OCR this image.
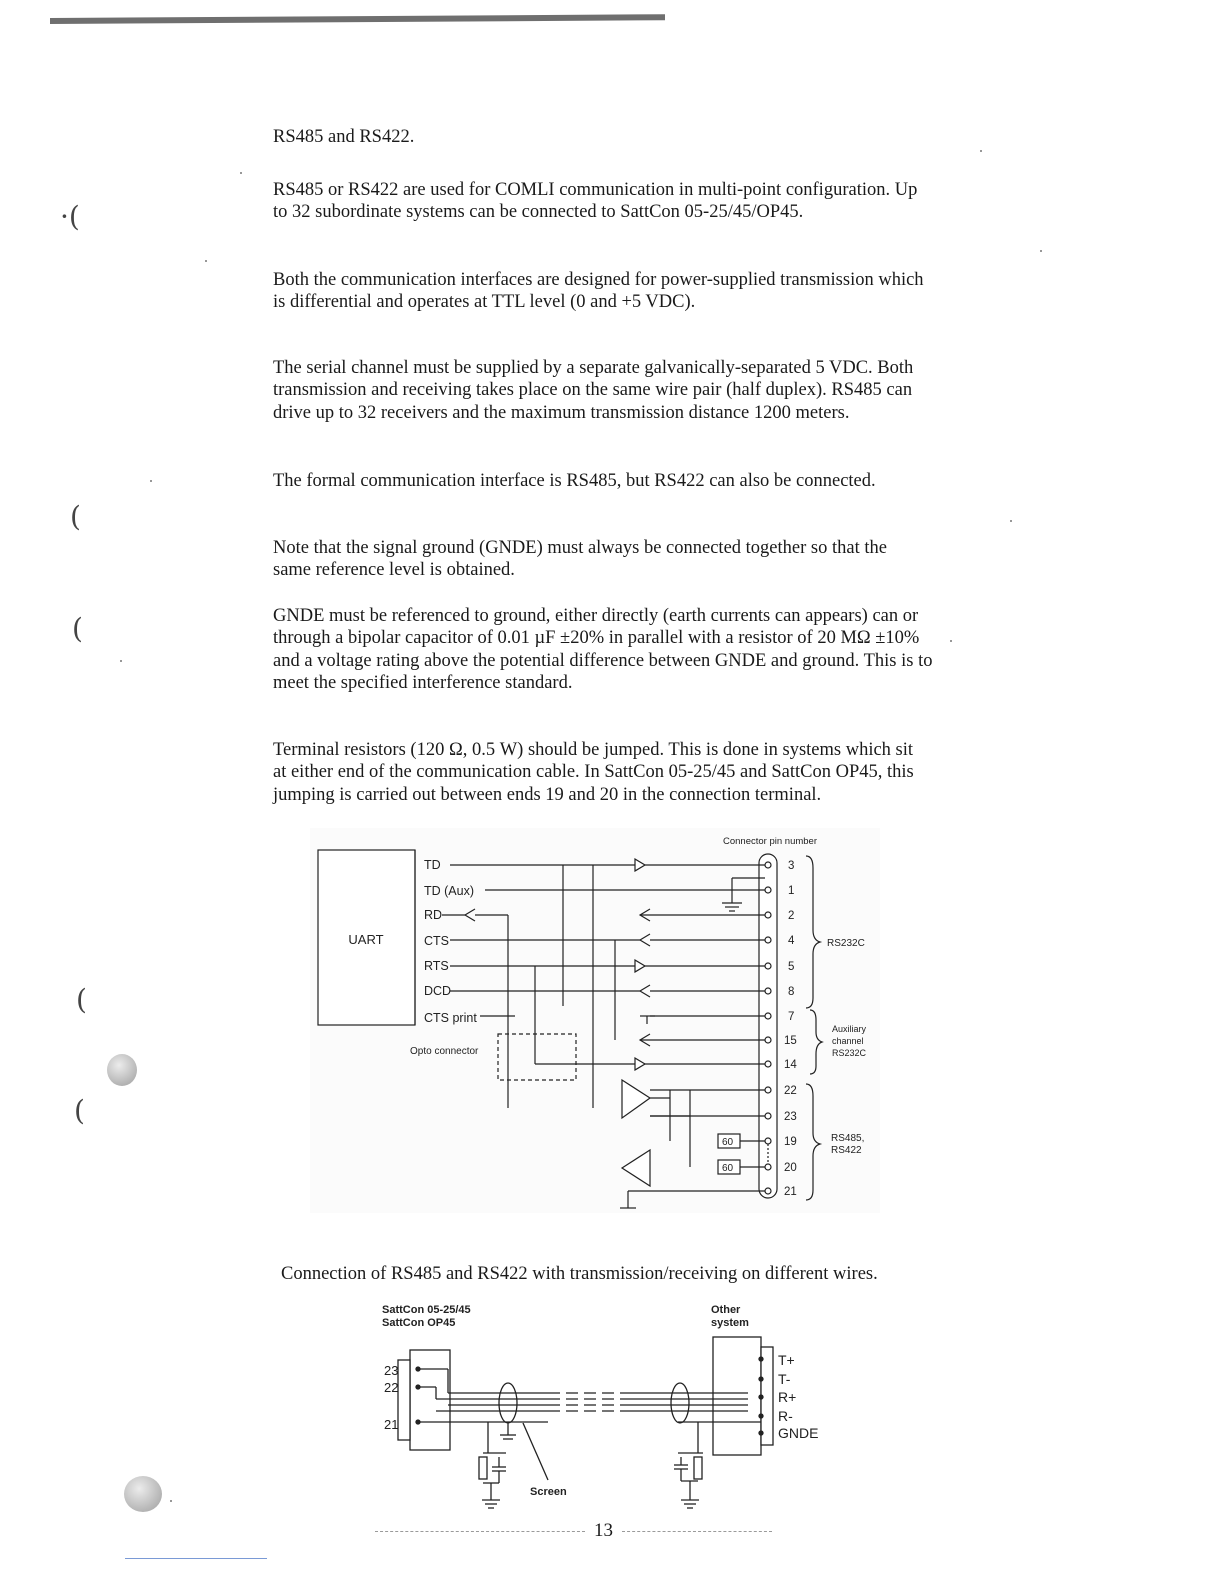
RS485 and RS422.

RS485 or RS422 are used for COMLI communication in multi-point configuration. Up to 32 subordinate systems can be connected to SattCon 05-25/45/OP45.

Both the communication interfaces are designed for power-supplied transmission which is differential and operates at TTL level (0 and +5 VDC).

The serial channel must be supplied by a separate galvanically-separated 5 VDC. Both transmission and receiving takes place on the same wire pair (half duplex). RS485 can drive up to 32 receivers and the maximum transmission distance 1200 meters.

The formal communication interface is RS485, but RS422 can also be connected.

Note that the signal ground (GNDE) must always be connected together so that the same reference level is obtained.

GNDE must be referenced to ground, either directly (earth currents can appears) can or through a bipolar capacitor of 0.01 µF ±20% in parallel with a resistor of 20 MΩ ±10% and a voltage rating above the potential difference between GNDE and ground. This is to meet the specified interference standard.

Terminal resistors (120 Ω, 0.5 W) should be jumped. This is done in systems which sit at either end of the communication cable. In SattCon 05-25/45 and SattCon OP45, this jumping is carried out between ends 19 and 20 in the connection terminal.

UART
TD
TD (Aux)
RD
CTS
RTS
DCD
CTS print
Connector pin number
Opto connector
60
60
3
1
2
4
5
8
7
15
14
22
23
19
20
21
RS232C
Auxiliary
channel
RS232C
RS485,
RS422

Connection of RS485 and RS422 with transmission/receiving on different wires.

SattCon 05-25/45
SattCon OP45
Other
system
23
22
21
T+
T-
R+
R-
GNDE
Screen
13
·(
(
(
(
(
